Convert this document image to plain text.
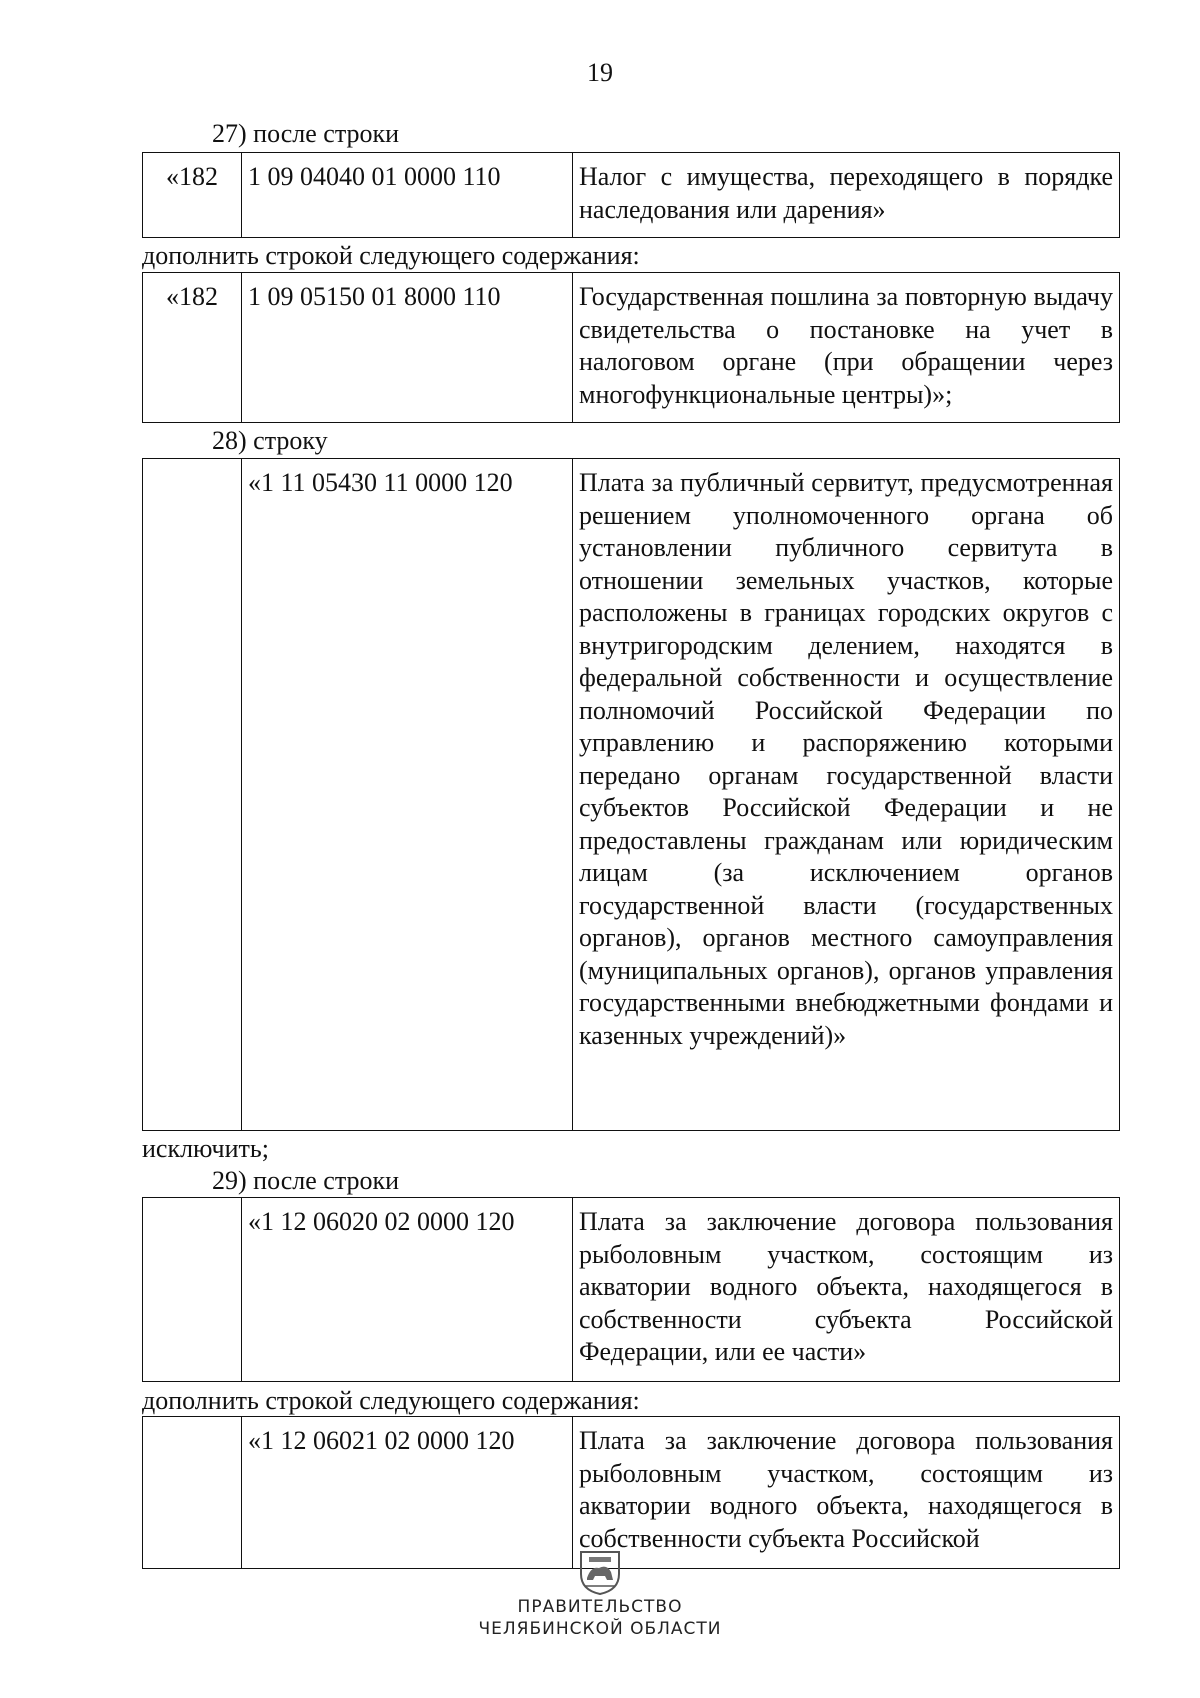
19
27) после строки
«182	1 09 04040 01 0000 110	Налог с имущества, переходящего в порядке наследования или дарения»
дополнить строкой следующего содержания:
«182	1 09 05150 01 8000 110	Государственная пошлина за повторную выдачу свидетельства о постановке на учет в налоговом органе (при обращении через многофункциональные центры)»;
28) строку
	«1 11 05430 11 0000 120	Плата за публичный сервитут, предусмотренная решением уполномоченного органа об установлении публичного сервитута в отношении земельных участков, которые расположены в границах городских округов с внутригородским делением, находятся в федеральной собственности и осуществление полномочий Российской Федерации по управлению и распоряжению которыми передано органам государственной власти субъектов Российской Федерации и не предоставлены гражданам или юридическим лицам (за исключением органов государственной власти (государственных органов), органов местного самоуправления (муниципальных органов), органов управления государственными внебюджетными фондами и казенных учреждений)»
исключить;
29) после строки
	«1 12 06020 02 0000 120	Плата за заключение договора пользования рыболовным участком, состоящим из акватории водного объекта, находящегося в собственности субъекта Российской Федерации, или ее части»
дополнить строкой следующего содержания:
	«1 12 06021 02 0000 120	Плата за заключение договора пользования рыболовным участком, состоящим из акватории водного объекта, находящегося в собственности субъекта Российской
ПРАВИТЕЛЬСТВО
ЧЕЛЯБИНСКОЙ ОБЛАСТИ
